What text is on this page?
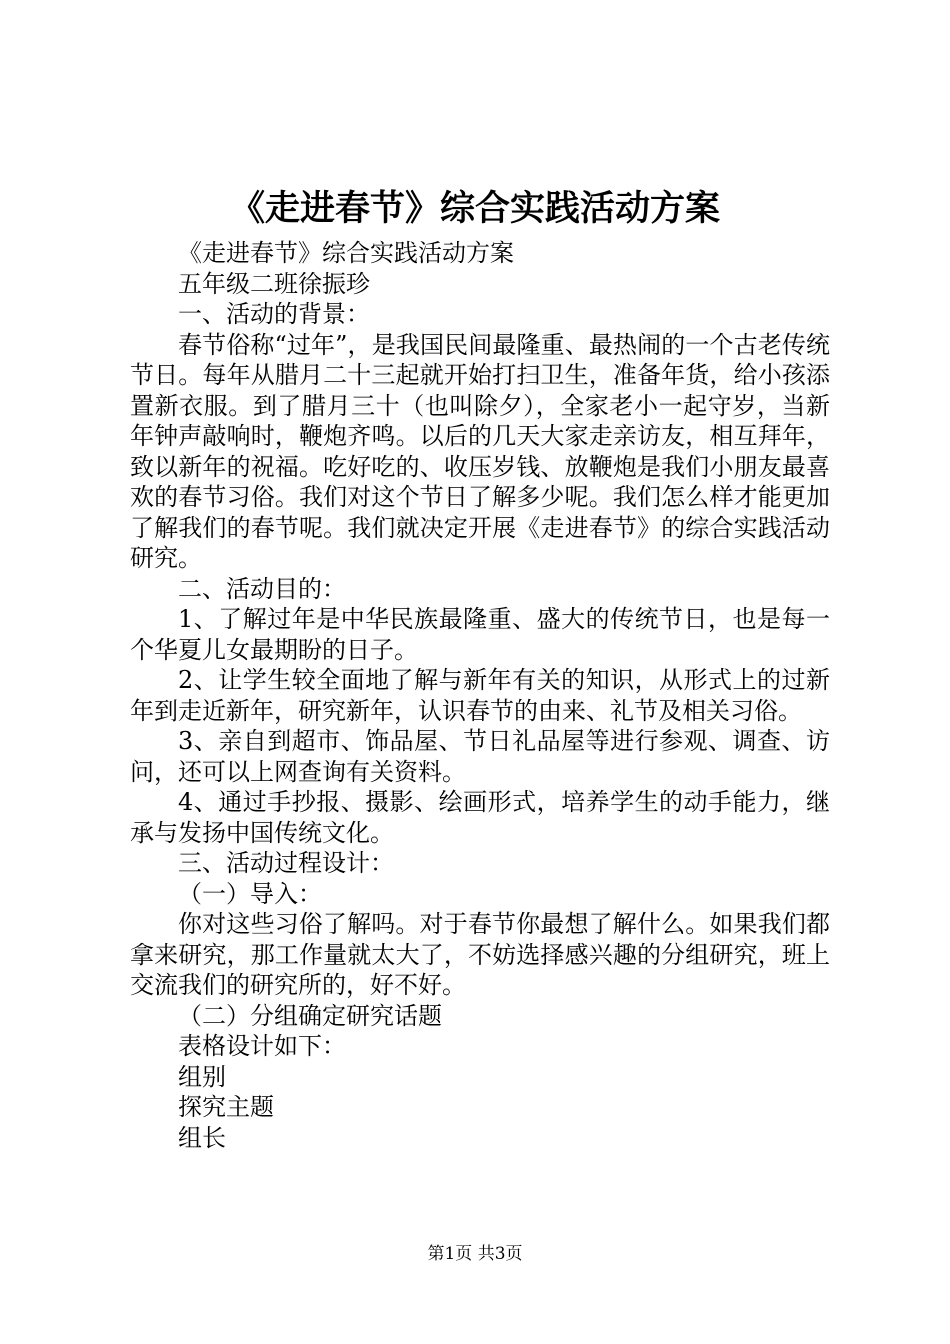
《走进春节》综合实践活动方案

《走进春节》综合实践活动方案

五年级二班徐振珍

一、活动的背景：

春节俗称“过年”，是我国民间最隆重、最热闹的一个古老传统节日。每年从腊月二十三起就开始打扫卫生，准备年货，给小孩添置新衣服。到了腊月三十（也叫除夕），全家老小一起守岁，当新年钟声敲响时，鞭炮齐鸣。以后的几天大家走亲访友，相互拜年，致以新年的祝福。吃好吃的、收压岁钱、放鞭炮是我们小朋友最喜欢的春节习俗。我们对这个节日了解多少呢。我们怎么样才能更加了解我们的春节呢。我们就决定开展《走进春节》的综合实践活动研究。

二、活动目的：

1、了解过年是中华民族最隆重、盛大的传统节日，也是每一个华夏儿女最期盼的日子。

2、让学生较全面地了解与新年有关的知识，从形式上的过新年到走近新年，研究新年，认识春节的由来、礼节及相关习俗。

3、亲自到超市、饰品屋、节日礼品屋等进行参观、调查、访问，还可以上网查询有关资料。

4、通过手抄报、摄影、绘画形式，培养学生的动手能力，继承与发扬中国传统文化。

三、活动过程设计：

（一）导入：

你对这些习俗了解吗。对于春节你最想了解什么。如果我们都拿来研究，那工作量就太大了，不妨选择感兴趣的分组研究，班上交流我们的研究所的，好不好。

（二）分组确定研究话题

表格设计如下：

组别

探究主题

组长

第1页 共3页
